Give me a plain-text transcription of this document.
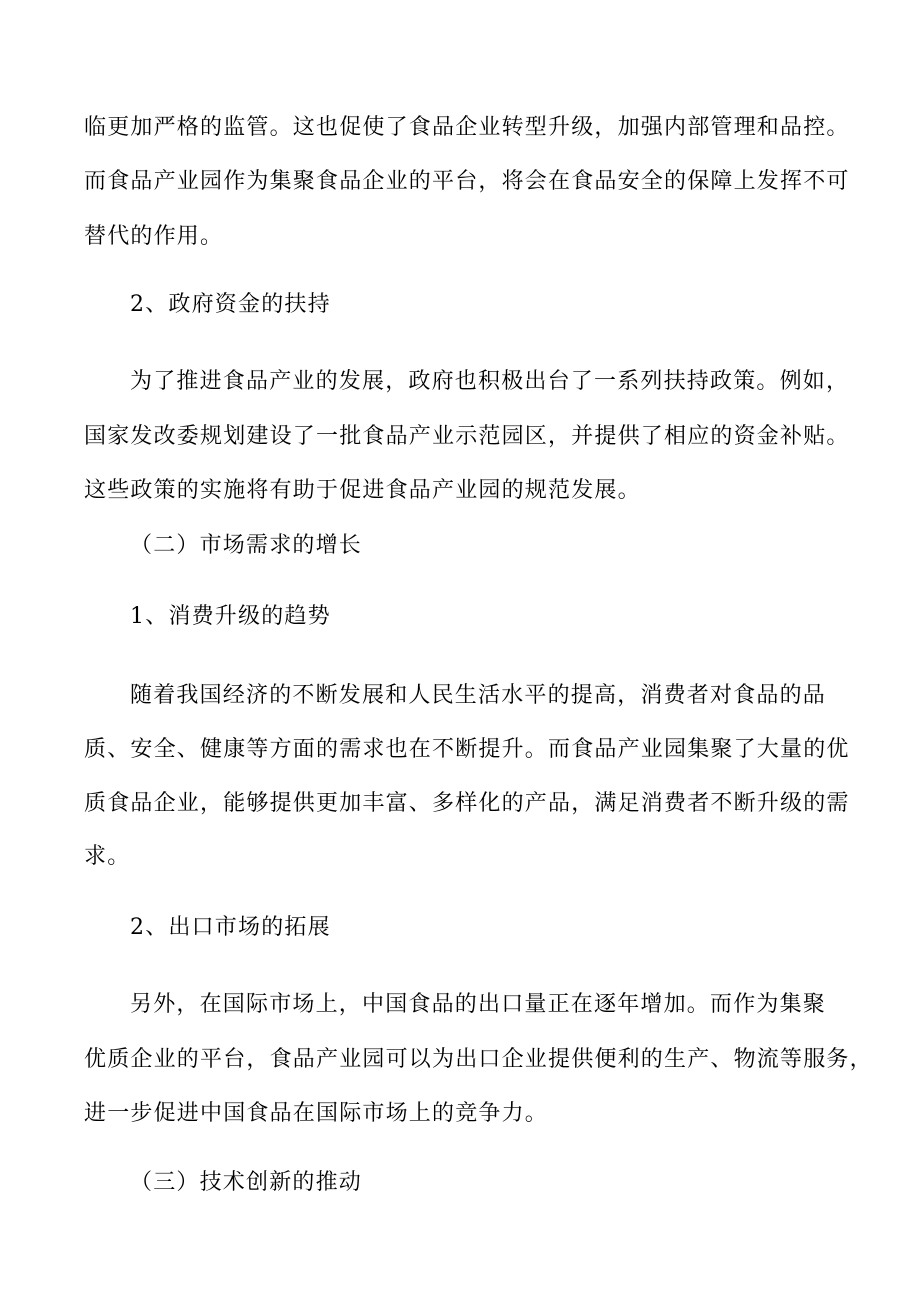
临更加严格的监管。这也促使了食品企业转型升级，加强内部管理和品控。
而食品产业园作为集聚食品企业的平台，将会在食品安全的保障上发挥不可
替代的作用。
2、政府资金的扶持
为了推进食品产业的发展，政府也积极出台了一系列扶持政策。例如，
国家发改委规划建设了一批食品产业示范园区，并提供了相应的资金补贴。
这些政策的实施将有助于促进食品产业园的规范发展。
（二）市场需求的增长
1、消费升级的趋势
随着我国经济的不断发展和人民生活水平的提高，消费者对食品的品
质、安全、健康等方面的需求也在不断提升。而食品产业园集聚了大量的优
质食品企业，能够提供更加丰富、多样化的产品，满足消费者不断升级的需
求。
2、出口市场的拓展
另外，在国际市场上，中国食品的出口量正在逐年增加。而作为集聚
优质企业的平台，食品产业园可以为出口企业提供便利的生产、物流等服务，
进一步促进中国食品在国际市场上的竞争力。
（三）技术创新的推动
